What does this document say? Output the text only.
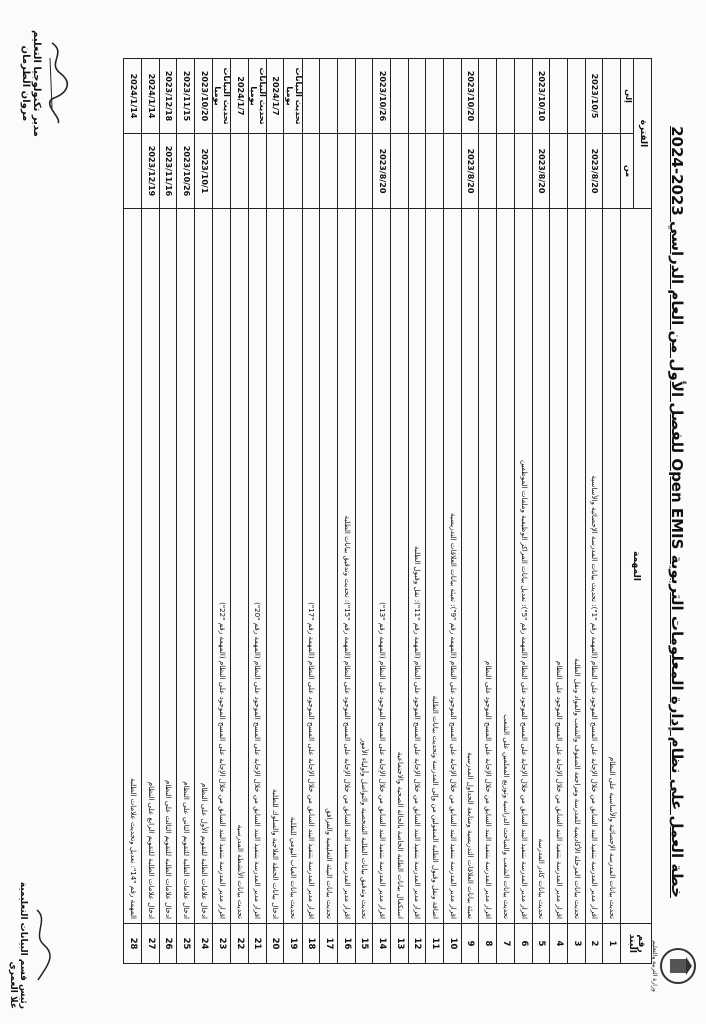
وزارة التربية والتعليم
خطة العمل على نظام إدارة المعلومات التربوية Open EMIS للفصل الأول من العام الدراسي 2023-2024
رقم البند	المهمة	الفترة	
		من	إلى
1	تحديث بيانات المدرسة الإحصائية والأساسية على النظام		
2	اقرار مدير المدرسة بتنفيذ البند السابق من خلال الإجابة على المسح الموجود على النظام (المهمة رقم "1"): تحديث بيانات المدرسة الإحصائية والأساسية	2023/8/20	2023/10/5
3	تحديث بيانات المرحلة الأكاديمية للمدرسة ومراجعة الصفوف والشعب والمواد ونقل الطلبة		
4	اقرار مدير المدرسة بتنفيذ البند السابق من خلال الإجابة على المسح الموجود على النظام		
5	تحديث بيانات كادر المدرسة	2023/8/20	2023/10/10
6	اقرار مدير المدرسة بتنفيذ البند السابق من خلال الإجابة على المسح الموجود على النظام (المهمة رقم "5"): تعديل بيانات المراكز الوظيفية وملفات الموظفين		
7	تحديث بيانات الشعب والمباحث الدراسية وتوزيع المعلمين على الشعب		
8	اقرار مدير المدرسة بتنفيذ البند السابق من خلال الإجابة على المسح الموجود على النظام		
9	تعبئة بيانات العلاقات التدريسية ومتابعة الجداول المدرسية	2023/8/20	2023/10/20
10	اقرار مدير المدرسة بتنفيذ البند السابق من خلال الإجابة على المسح الموجود على النظام (المهمة رقم "9"): تعبئة بيانات العلاقات التدريسية		
11	اضافة ونقل وقبول الطلبة المنقولين من وإلى المدرسة وتحديث بيانات الطلبة		
12	اقرار مدير المدرسة بتنفيذ البند السابق من خلال الإجابة على المسح الموجود على النظام (المهمة رقم "11"): نقل وقبول الطلبة		
13	استكمال بيانات الطلبة الخاصة بالحالة الصحية والاجتماعية		
14	اقرار مدير المدرسة بتنفيذ البند السابق من خلال الإجابة على المسح الموجود على النظام (المهمة رقم "13")	2023/8/20	2023/10/26
15	تحديث وتدقيق بيانات الطلبة الشخصية والتواصل وأولياء الأمور		
16	اقرار مدير المدرسة بتنفيذ البند السابق من خلال الإجابة على المسح الموجود على النظام (المهمة رقم "15"): تحديث وتدقيق بيانات الطلبة		
17	تحديث بيانات البيئة التعليمية والمرافق		
18	اقرار مدير المدرسة بتنفيذ البند السابق من خلال الإجابة على المسح الموجود على النظام (المهمة رقم "17")		
19	تحديث بيانات الغياب اليومي للطلبة		تحديث البيانات يوميا
20	ادخال بيانات الخطة العلاجية والسلوك للطلبة		2024/1/7
21	اقرار مدير المدرسة بتنفيذ البند السابق من خلال الإجابة على المسح الموجود على النظام (المهمة رقم "20")		تحديث البيانات يوميا
22	تحديث بيانات الأنشطة المدرسية		2024/1/7
23	اقرار مدير المدرسة بتنفيذ البند السابق من خلال الإجابة على المسح الموجود على النظام (المهمة رقم "22")		تحديث البيانات يوميا
24	ادخال علامات الطلبة للتقويم الأول على النظام	2023/10/1	2023/10/20
25	ادخال علامات الطلبة للتقويم الثاني على النظام	2023/10/26	2023/11/15
26	ادخال علامات الطلبة للتقويم الثالث على النظام	2023/11/16	2023/12/18
27	ادخال علامات الطلبة للتقويم الرابع على النظام	2023/12/19	2024/1/14
28	المهمة رقم "14": تعديل وتحديث علامات الطلبة		2024/1/14
مدير تكنولوجيا التعليم
مروان الطرمان
رئيس قسم البيانات التعليمية
علا العمري
